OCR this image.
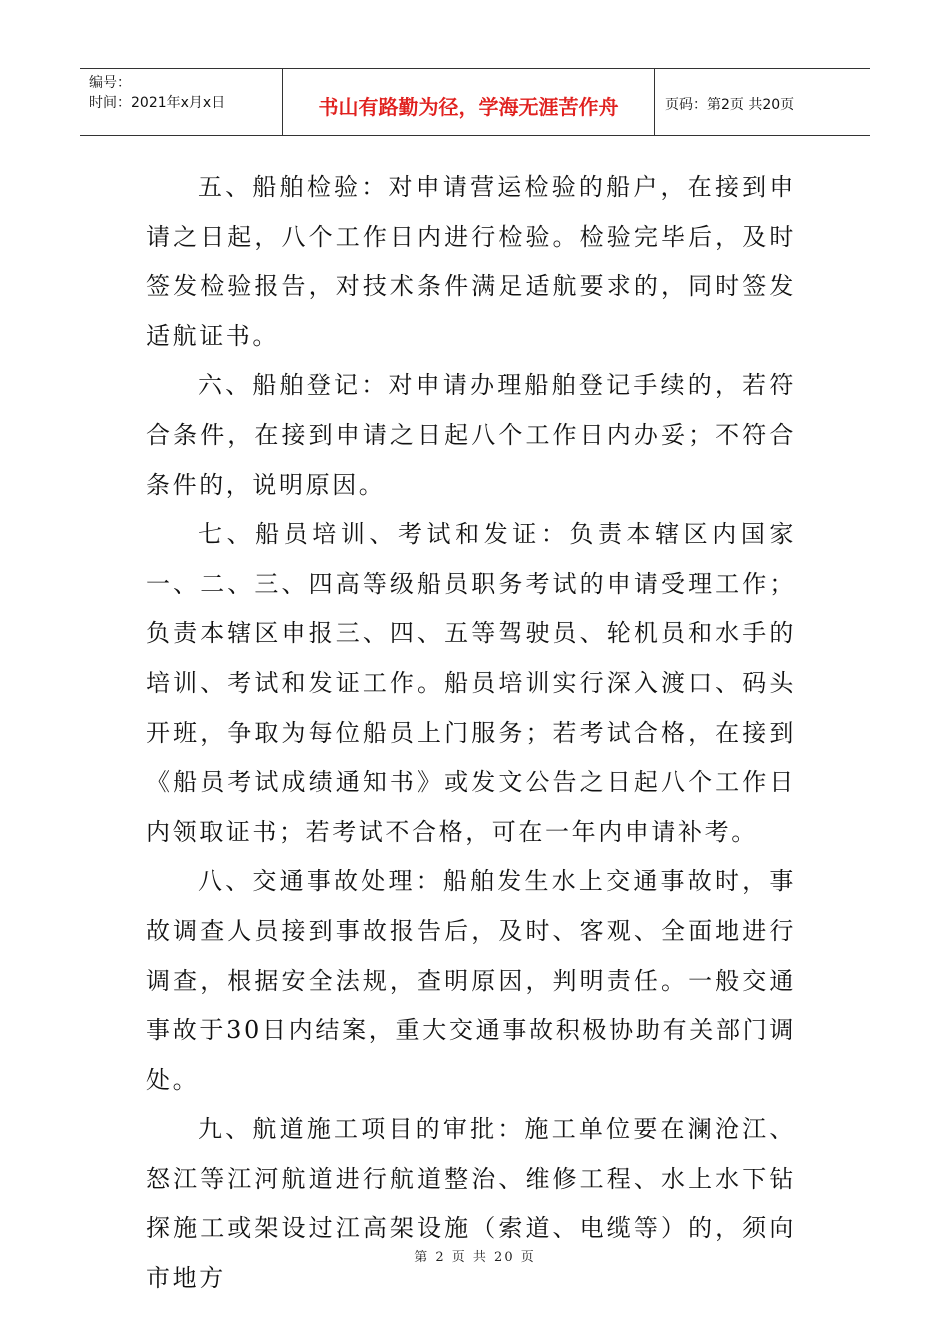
编号：
时间：2021年x月x日	书山有路勤为径，学海无涯苦作舟	页码：第2页 共20页

五、船舶检验：对申请营运检验的船户，在接到申请之日起，八个工作日内进行检验。检验完毕后，及时签发检验报告，对技术条件满足适航要求的，同时签发适航证书。

六、船舶登记：对申请办理船舶登记手续的，若符合条件，在接到申请之日起八个工作日内办妥；不符合条件的，说明原因。

七、船员培训、考试和发证：负责本辖区内国家一、二、三、四高等级船员职务考试的申请受理工作；负责本辖区申报三、四、五等驾驶员、轮机员和水手的培训、考试和发证工作。船员培训实行深入渡口、码头开班，争取为每位船员上门服务；若考试合格，在接到《船员考试成绩通知书》或发文公告之日起八个工作日内领取证书；若考试不合格，可在一年内申请补考。

八、交通事故处理：船舶发生水上交通事故时，事故调查人员接到事故报告后，及时、客观、全面地进行调查，根据安全法规，查明原因，判明责任。一般交通事故于30日内结案，重大交通事故积极协助有关部门调处。

九、航道施工项目的审批：施工单位要在澜沧江、怒江等江河航道进行航道整治、维修工程、水上水下钻探施工或架设过江高架设施（索道、电缆等）的，须向市地方

第 2 页 共 20 页
